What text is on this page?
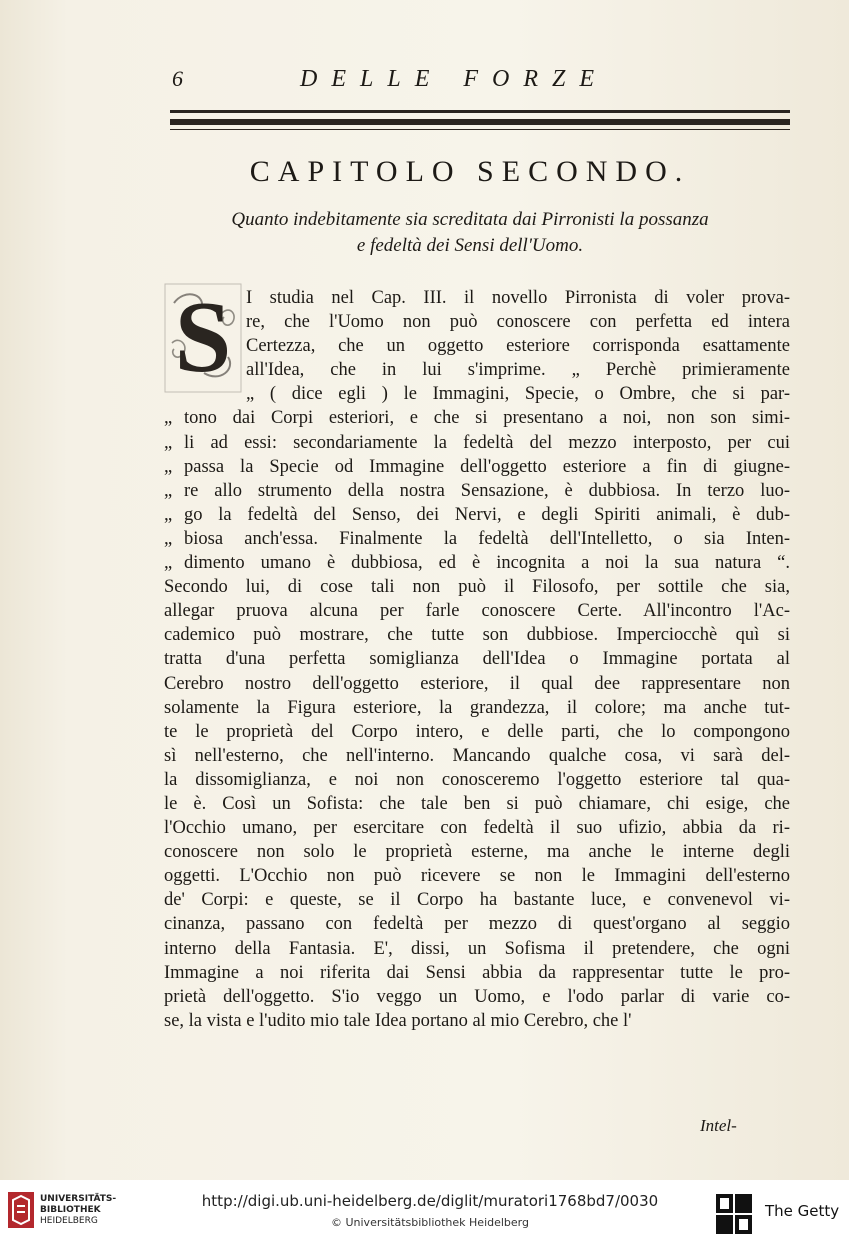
6	DELLE FORZE
CAPITOLO SECONDO.
Quanto indebitamente sia screditata dai Pirronisti la possanza
e fedeltà dei Sensi dell'Uomo.
S I studia nel Cap. III. il novello Pirronista di voler prova-
re, che l'Uomo non può conoscere con perfetta ed intera
Certezza, che un oggetto esteriore corrisponda esattamente
all'Idea, che in lui s'imprime. „ Perchè primieramente
„ ( dice egli ) le Immagini, Specie, o Ombre, che si par-
„ tono dai Corpi esteriori, e che si presentano a noi, non son simi-
„ li ad essi: secondariamente la fedeltà del mezzo interposto, per cui
„ passa la Specie od Immagine dell'oggetto esteriore a fin di giugne-
„ re allo strumento della nostra Sensazione, è dubbiosa. In terzo luo-
„ go la fedeltà del Senso, dei Nervi, e degli Spiriti animali, è dub-
„ biosa anch'essa. Finalmente la fedeltà dell'Intelletto, o sia Inten-
„ dimento umano è dubbiosa, ed è incognita a noi la sua natura “.
Secondo lui, di cose tali non può il Filosofo, per sottile che sia,
allegar pruova alcuna per farle conoscere Certe. All'incontro l'Ac-
cademico può mostrare, che tutte son dubbiose. Imperciocchè quì si
tratta d'una perfetta somiglianza dell'Idea o Immagine portata al
Cerebro nostro dell'oggetto esteriore, il qual dee rappresentare non
solamente la Figura esteriore, la grandezza, il colore; ma anche tut-
te le proprietà del Corpo intero, e delle parti, che lo compongono
sì nell'esterno, che nell'interno. Mancando qualche cosa, vi sarà del-
la dissomiglianza, e noi non conosceremo l'oggetto esteriore tal qua-
le è. Così un Sofista: che tale ben si può chiamare, chi esige, che
l'Occhio umano, per esercitare con fedeltà il suo ufizio, abbia da ri-
conoscere non solo le proprietà esterne, ma anche le interne degli
oggetti. L'Occhio non può ricevere se non le Immagini dell'esterno
de' Corpi: e queste, se il Corpo ha bastante luce, e convenevol vi-
cinanza, passano con fedeltà per mezzo di quest'organo al seggio
interno della Fantasia. E', dissi, un Sofisma il pretendere, che ogni
Immagine a noi riferita dai Sensi abbia da rappresentar tutte le pro-
prietà dell'oggetto. S'io veggo un Uomo, e l'odo parlar di varie co-
se, la vista e l'udito mio tale Idea portano al mio Cerebro, che l'
Intel-
UNIVERSITÄTS-
BIBLIOTHEK
HEIDELBERG
http://digi.ub.uni-heidelberg.de/diglit/muratori1768bd7/0030
© Universitätsbibliothek Heidelberg
The Getty
